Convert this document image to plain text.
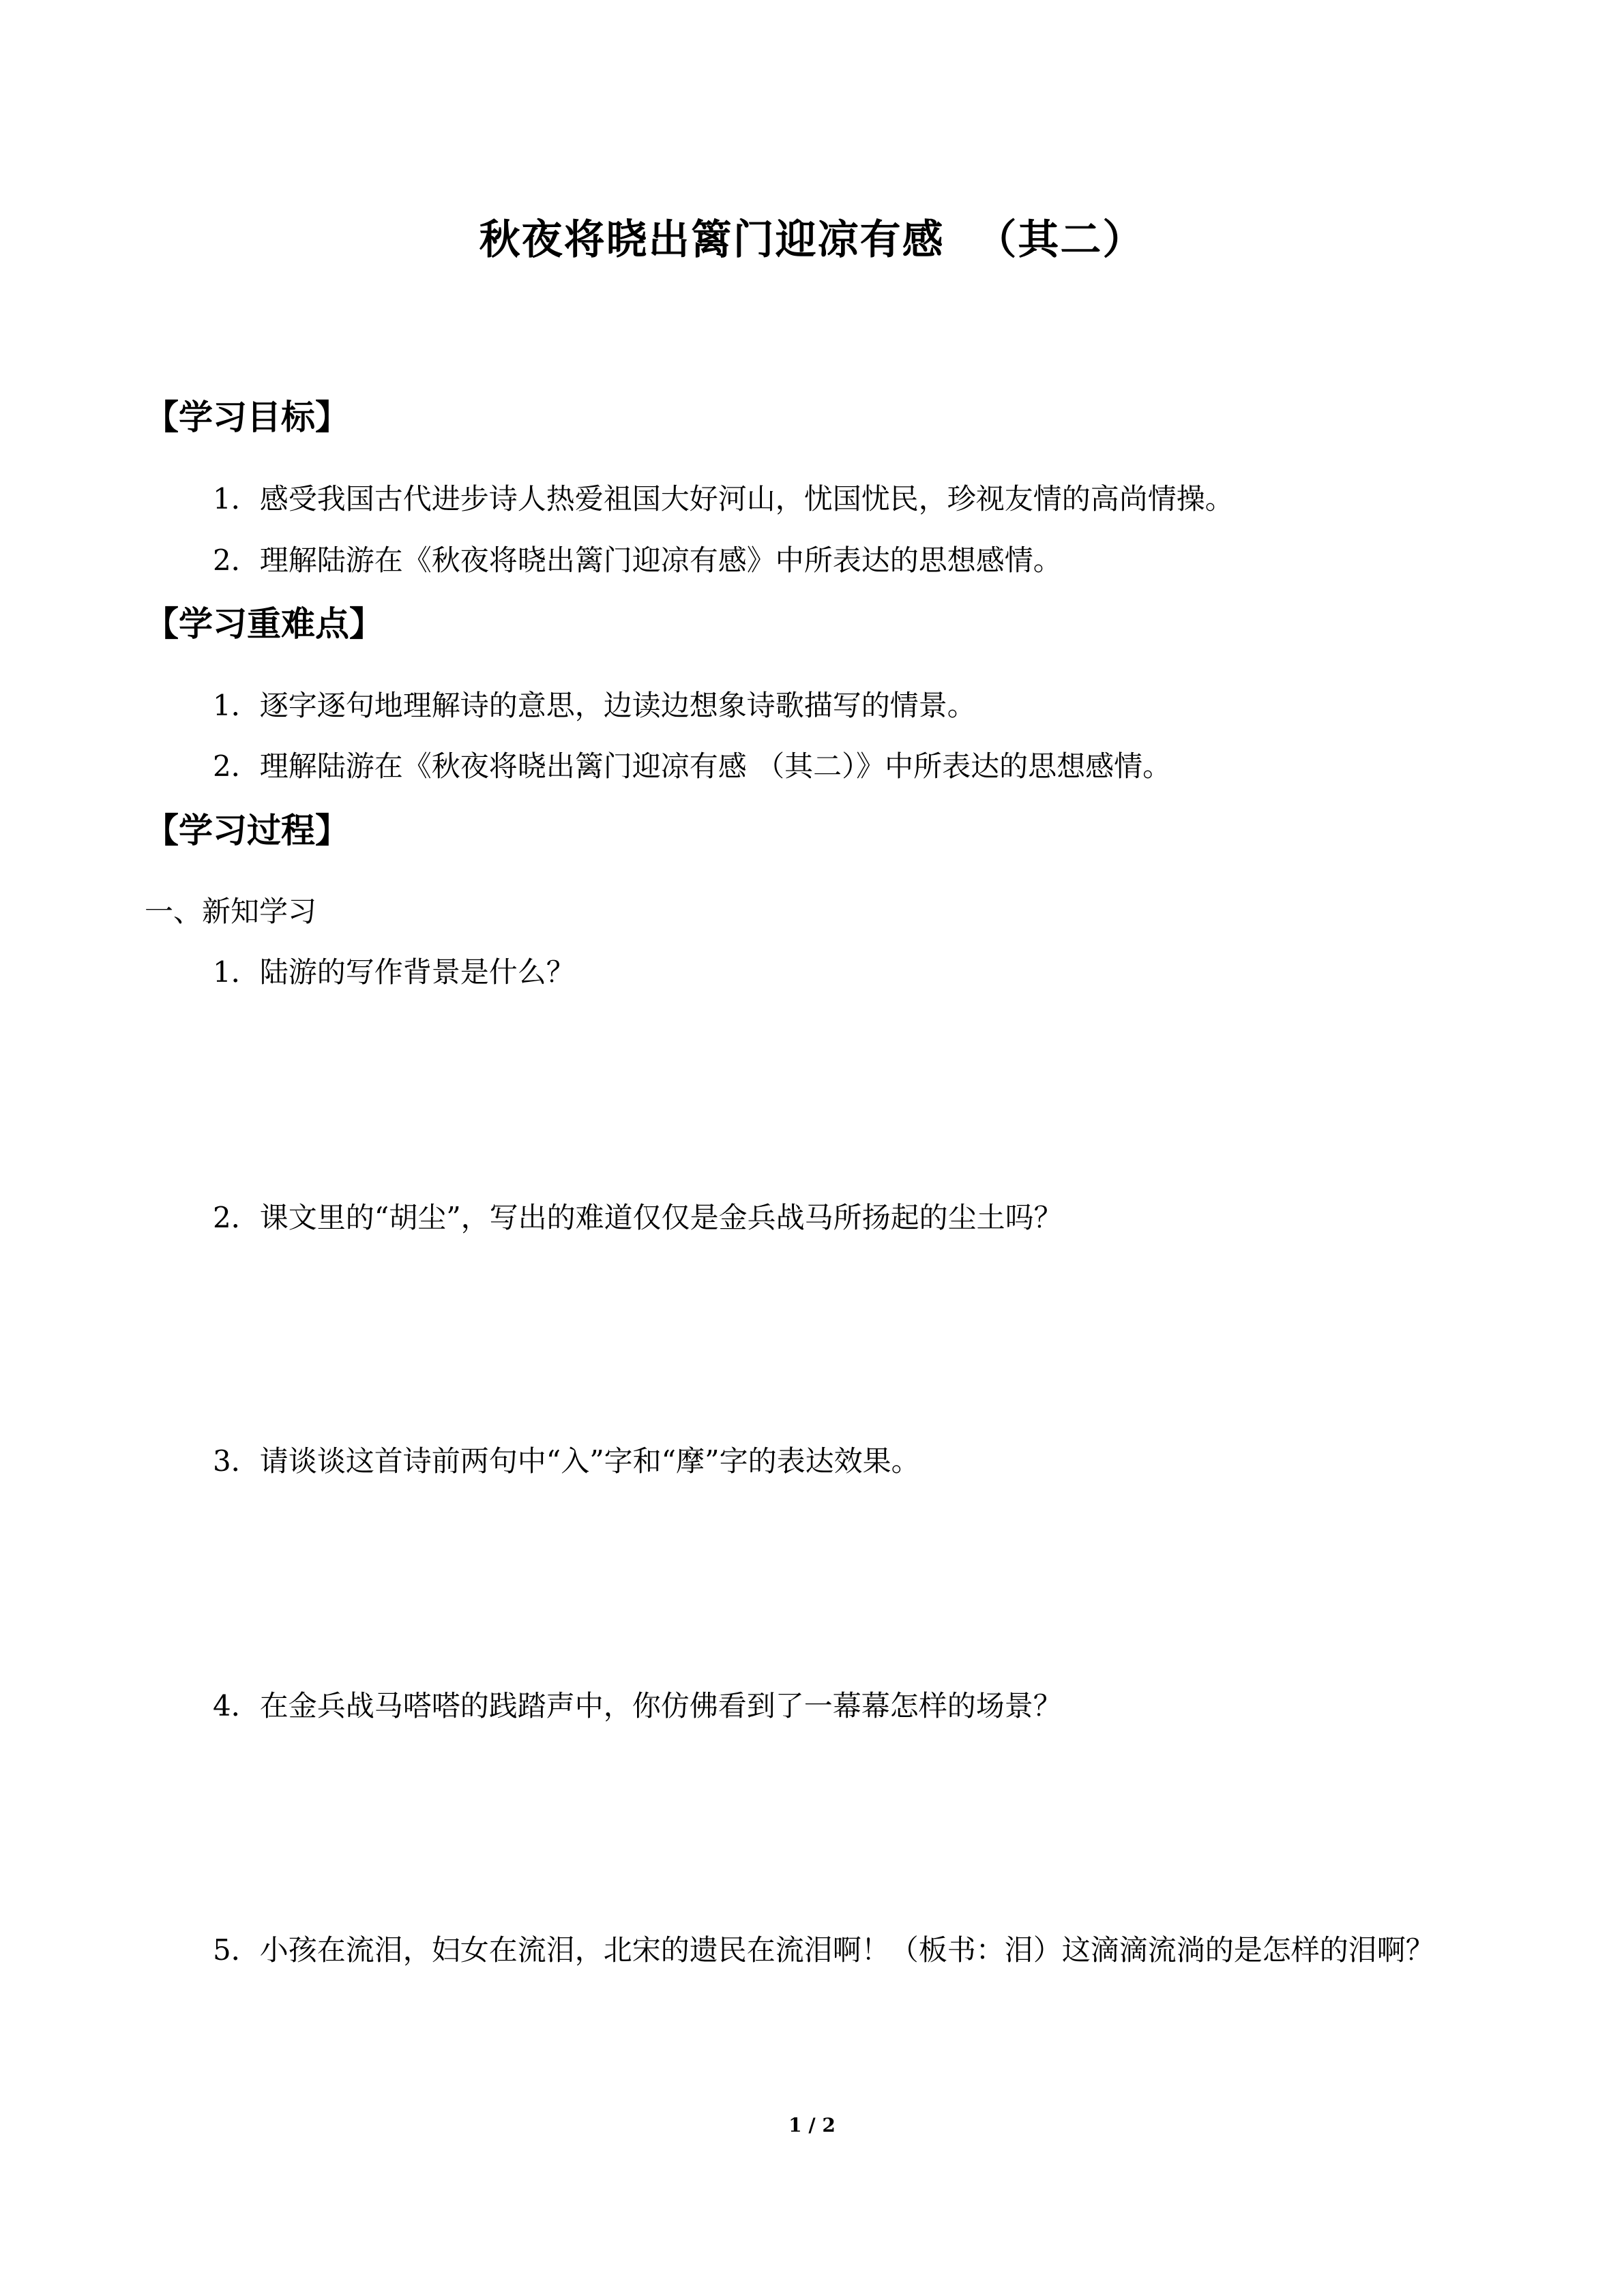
秋夜将晓出篱门迎凉有感  （其二）
【学习目标】
1．感受我国古代进步诗人热爱祖国大好河山，忧国忧民，珍视友情的高尚情操。
2．理解陆游在《秋夜将晓出篱门迎凉有感》中所表达的思想感情。
【学习重难点】
1．逐字逐句地理解诗的意思，边读边想象诗歌描写的情景。
2．理解陆游在《秋夜将晓出篱门迎凉有感 （其二）》中所表达的思想感情。
【学习过程】
一、新知学习
1．陆游的写作背景是什么？
2．课文里的“胡尘”，写出的难道仅仅是金兵战马所扬起的尘土吗？
3．请谈谈这首诗前两句中“入”字和“摩”字的表达效果。
4．在金兵战马嗒嗒的践踏声中，你仿佛看到了一幕幕怎样的场景？
5．小孩在流泪，妇女在流泪，北宋的遗民在流泪啊！（板书：泪）这滴滴流淌的是怎样的泪啊？
1 / 2
